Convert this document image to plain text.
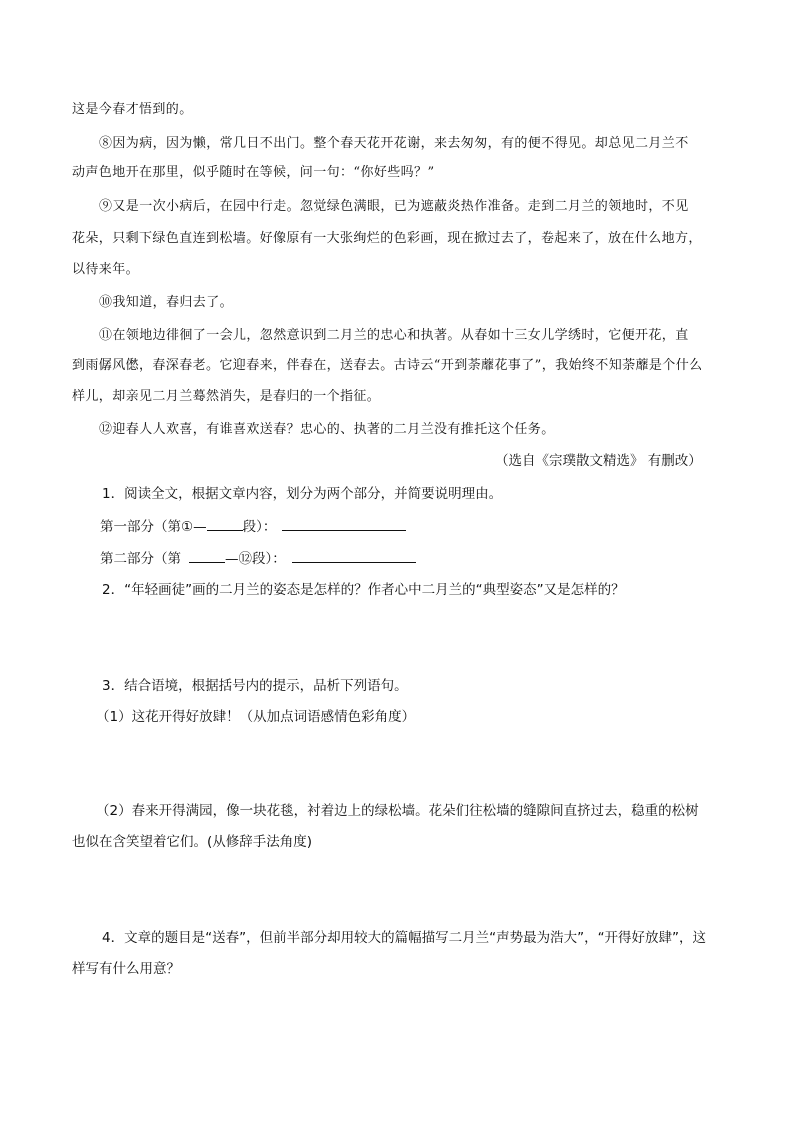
这是今春才悟到的。
⑧因为病，因为懒，常几日不出门。整个春天花开花谢，来去匆匆，有的便不得见。却总见二月兰不
动声色地开在那里，似乎随时在等候，问一句：“你好些吗？”
⑨又是一次小病后，在园中行走。忽觉绿色满眼，已为遮蔽炎热作准备。走到二月兰的领地时，不见
花朵，只剩下绿色直连到松墙。好像原有一大张绚烂的色彩画，现在掀过去了，卷起来了，放在什么地方，
以待来年。
⑩我知道，春归去了。
⑪在领地边徘徊了一会儿，忽然意识到二月兰的忠心和执著。从春如十三女儿学绣时，它便开花，直
到雨僝风僽，春深春老。它迎春来，伴春在，送春去。古诗云“开到荼蘼花事了”，我始终不知荼蘼是个什么
样儿，却亲见二月兰蓦然消失，是春归的一个指征。
⑫迎春人人欢喜，有谁喜欢送春？忠心的、执著的二月兰没有推托这个任务。
（选自《宗璞散文精选》 有删改）
1．阅读全文，根据文章内容，划分为两个部分，并简要说明理由。
第一部分（第①—	段）：
第二部分（第	—⑫段）：
2．“年轻画徒”画的二月兰的姿态是怎样的？作者心中二月兰的“典型姿态”又是怎样的？
3．结合语境，根据括号内的提示，品析下列语句。
（1）这花开得好放肆！（从加点词语感情色彩角度）
（2）春来开得满园，像一块花毯，衬着边上的绿松墙。花朵们往松墙的缝隙间直挤过去，稳重的松树
也似在含笑望着它们。(从修辞手法角度)
4．文章的题目是“送春”，但前半部分却用较大的篇幅描写二月兰“声势最为浩大”，“开得好放肆”，这
样写有什么用意？
